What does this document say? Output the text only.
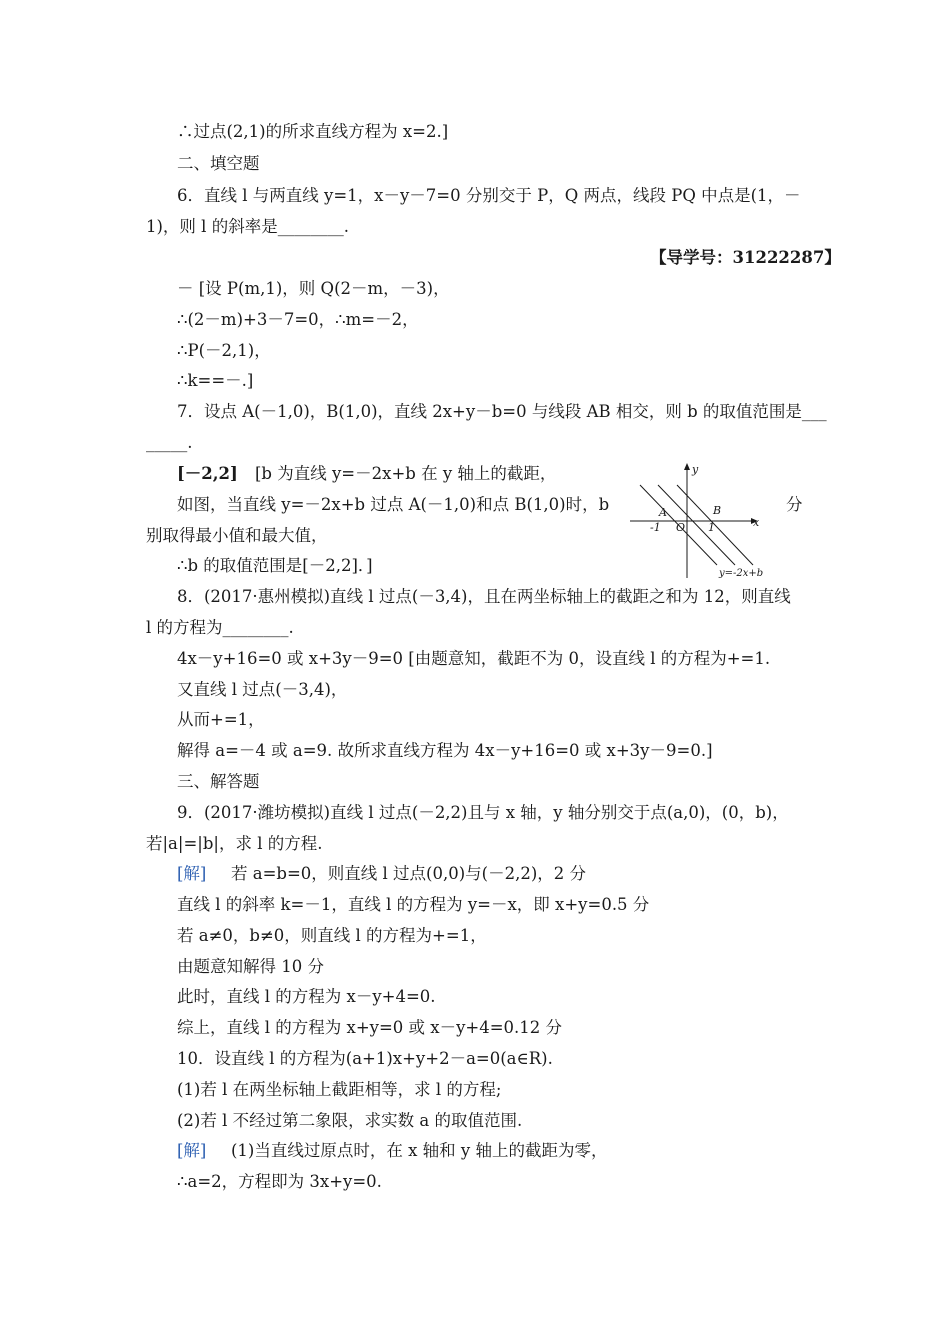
∴过点(2,1)的所求直线方程为 x=2.]
二、填空题
6．直线 l 与两直线 y=1，x－y－7=0 分别交于 P，Q 两点，线段 PQ 中点是(1，－
1)，则 l 的斜率是________.
【导学号：31222287】
－ [设 P(m,1)，则 Q(2－m，－3)，
∴(2－m)+3－7=0，∴m=－2，
∴P(－2,1)，
∴k==－.]
7．设点 A(－1,0)，B(1,0)，直线 2x+y－b=0 与线段 AB 相交，则 b 的取值范围是___
_____.
[－2,2] [b 为直线 y=－2x+b 在 y 轴上的截距，
如图，当直线 y=－2x+b 过点 A(－1,0)和点 B(1,0)时，b	分
别取得最小值和最大值，
∴b 的取值范围是[－2,2]．]
8．(2017·惠州模拟)直线 l 过点(－3,4)，且在两坐标轴上的截距之和为 12，则直线
l 的方程为________.
4x－y+16=0 或 x+3y－9=0 [由题意知，截距不为 0，设直线 l 的方程为+=1.
又直线 l 过点(－3,4)，
从而+=1，
解得 a=－4 或 a=9. 故所求直线方程为 4x－y+16=0 或 x+3y－9=0.]
三、解答题
9．(2017·潍坊模拟)直线 l 过点(－2,2)且与 x 轴，y 轴分别交于点(a,0)，(0，b)，
若|a|=|b|，求 l 的方程.
[解] 若 a=b=0，则直线 l 过点(0,0)与(－2,2)，2 分
直线 l 的斜率 k=－1，直线 l 的方程为 y=－x，即 x+y=0.5 分
若 a≠0，b≠0，则直线 l 的方程为+=1，
由题意知解得 10 分
此时，直线 l 的方程为 x－y+4=0.
综上，直线 l 的方程为 x+y=0 或 x－y+4=0.12 分
10．设直线 l 的方程为(a+1)x+y+2－a=0(a∈R).
(1)若 l 在两坐标轴上截距相等，求 l 的方程;
(2)若 l 不经过第二象限，求实数 a 的取值范围.
[解] (1)当直线过原点时，在 x 轴和 y 轴上的截距为零，
∴a=2，方程即为 3x+y=0.
y
x
A	B
O
-1	1
y=-2x+b
